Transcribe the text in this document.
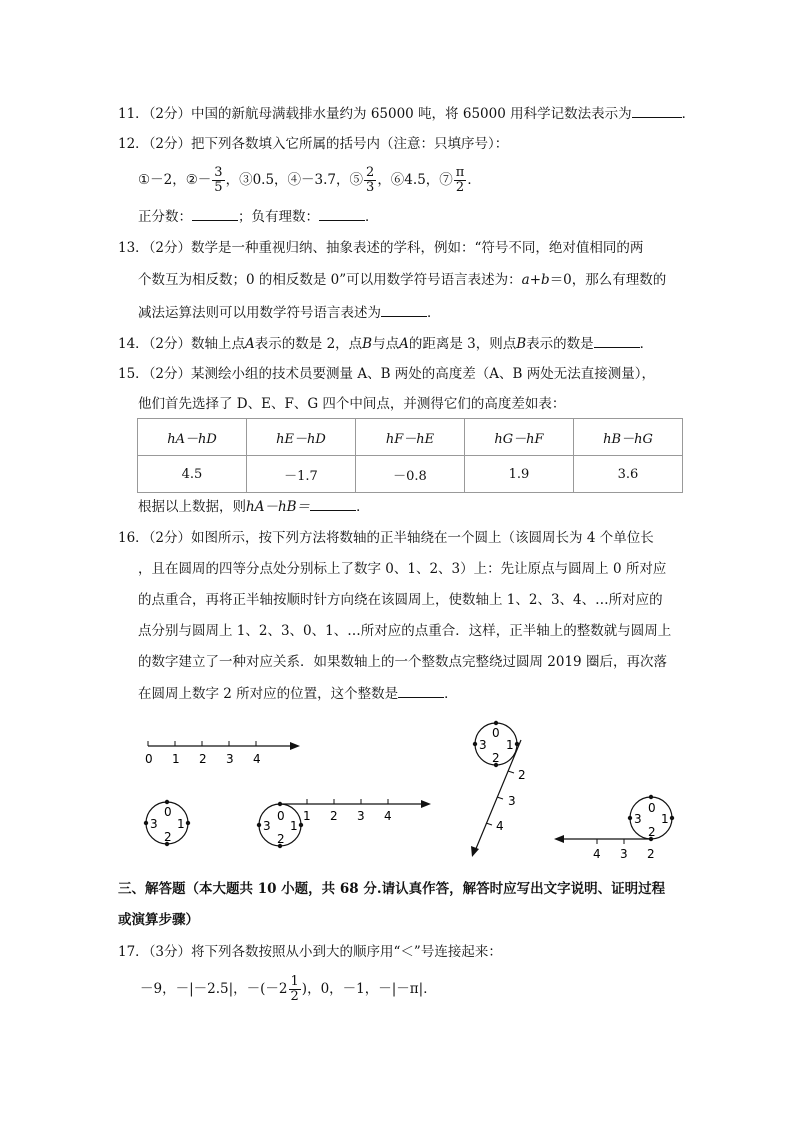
11．（2分）中国的新航母满载排水量约为 65000 吨，将 65000 用科学记数法表示为	．
12．（2分）把下列各数填入它所属的括号内（注意：只填序号）：
①－2，②－ $\frac{3}{5}$ ，③0.5，④－3.7，⑤ $\frac{2}{3}$ ，⑥4.5，⑦ $\frac{\pi}{2}$ ．
正分数：	；负有理数：	．
13．（2分）数学是一种重视归纳、抽象表述的学科，例如：“符号不同，绝对值相同的两
个数互为相反数；0 的相反数是 0”可以用数学符号语言表述为：a+b＝0，那么有理数的
减法运算法则可以用数学符号语言表述为	．
14．（2分）数轴上点A表示的数是 2，点B与点A的距离是 3，则点B表示的数是	．
15．（2分）某测绘小组的技术员要测量 A、B 两处的高度差（A、B 两处无法直接测量），
他们首先选择了 D、E、F、G 四个中间点，并测得它们的高度差如表：
hA－hD	hE－hD	hF－hE	hG－hF	hB－hG
4.5	－1.7	－0.8	1.9	3.6
根据以上数据，则hA－hB＝	．
16．（2分）如图所示，按下列方法将数轴的正半轴绕在一个圆上（该圆周长为 4 个单位长
，且在圆周的四等分点处分别标上了数字 0、1、2、3）上：先让原点与圆周上 0 所对应
的点重合，再将正半轴按顺时针方向绕在该圆周上，使数轴上 1、2、3、4、…所对应的
点分别与圆周上 1、2、3、0、1、…所对应的点重合．这样，正半轴上的整数就与圆周上
的数字建立了一种对应关系．如果数轴上的一个整数点完整绕过圆周 2019 圈后，再次落
在圆周上数字 2 所对应的位置，这个整数是	．
0 1 2 3 4
0
1
2
3
1 2 3 4
0
1
2
3
0
1
2
3
2
3
4
0
1
2
3
4 3 2
三、解答题（本大题共 10 小题，共 68 分.请认真作答，解答时应写出文字说明、证明过程
或演算步骤）
17．（3分）将下列各数按照从小到大的顺序用“＜”号连接起来：
－9，－|－2.5|，$-(-2 \frac{1}{2}$ )，0，－1，－|－π|．
